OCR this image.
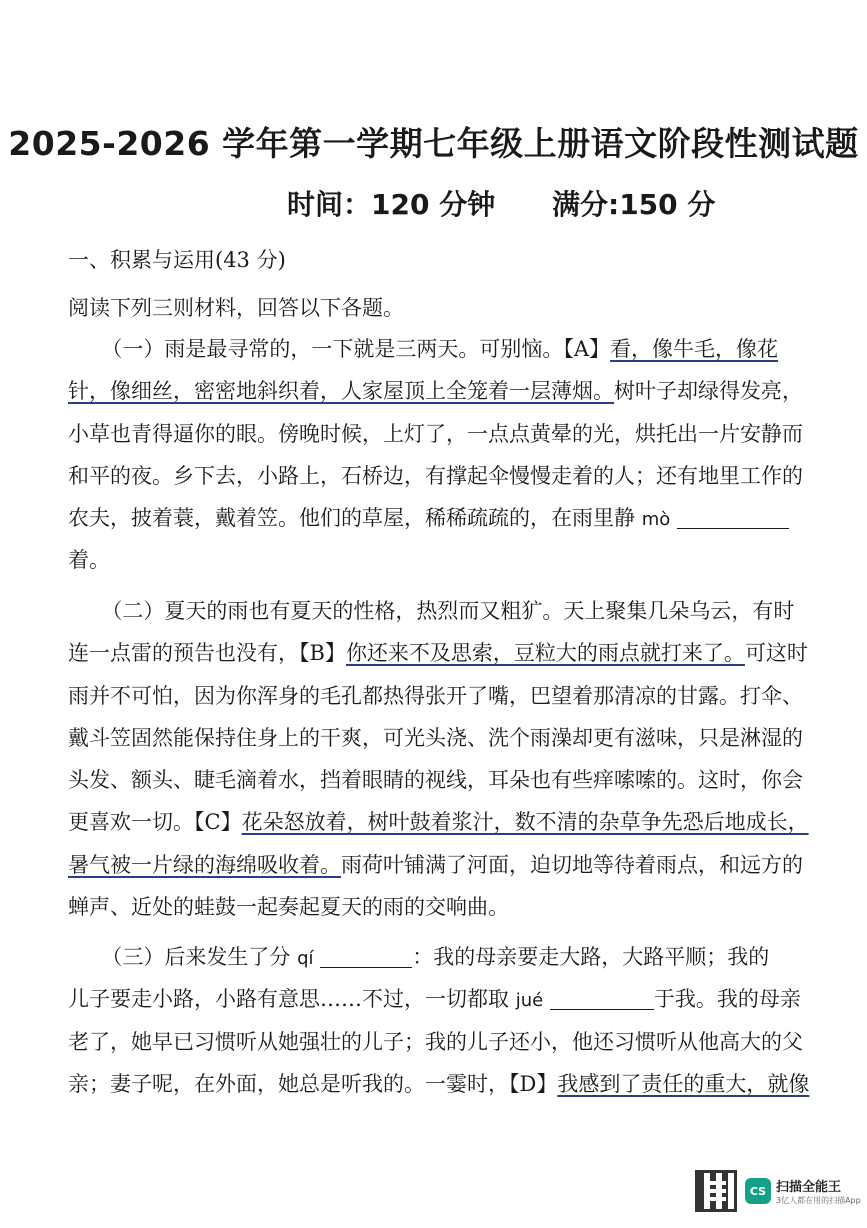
2025-2026 学年第一学期七年级上册语文阶段性测试题
时间：120 分钟 满分:150 分
一、积累与运用(43 分)
阅读下列三则材料，回答以下各题。
（一）雨是最寻常的，一下就是三两天。可别恼。【A】看，像牛毛，像花
针，像细丝，密密地斜织着，人家屋顶上全笼着一层薄烟。树叶子却绿得发亮，
小草也青得逼你的眼。傍晚时候，上灯了，一点点黄晕的光，烘托出一片安静而
和平的夜。乡下去，小路上，石桥边，有撑起伞慢慢走着的人；还有地里工作的
农夫，披着蓑，戴着笠。他们的草屋，稀稀疏疏的，在雨里静 mò
着。
（二）夏天的雨也有夏天的性格，热烈而又粗犷。天上聚集几朵乌云，有时
连一点雷的预告也没有，【B】你还来不及思索，豆粒大的雨点就打来了。可这时
雨并不可怕，因为你浑身的毛孔都热得张开了嘴，巴望着那清凉的甘露。打伞、
戴斗笠固然能保持住身上的干爽，可光头浇、洗个雨澡却更有滋味，只是淋湿的
头发、额头、睫毛滴着水，挡着眼睛的视线，耳朵也有些痒嗦嗦的。这时，你会
更喜欢一切。【C】花朵怒放着，树叶鼓着浆汁，数不清的杂草争先恐后地成长，
暑气被一片绿的海绵吸收着。雨荷叶铺满了河面，迫切地等待着雨点，和远方的
蝉声、近处的蛙鼓一起奏起夏天的雨的交响曲。
（三）后来发生了分 qí	：我的母亲要走大路，大路平顺；我的
儿子要走小路，小路有意思……不过，一切都取 jué	于我。我的母亲
老了，她早已习惯听从她强壮的儿子；我的儿子还小，他还习惯听从他高大的父
亲；妻子呢，在外面，她总是听我的。一霎时，【D】我感到了责任的重大，就像
CS 扫描全能王
3亿人都在用的扫描App
